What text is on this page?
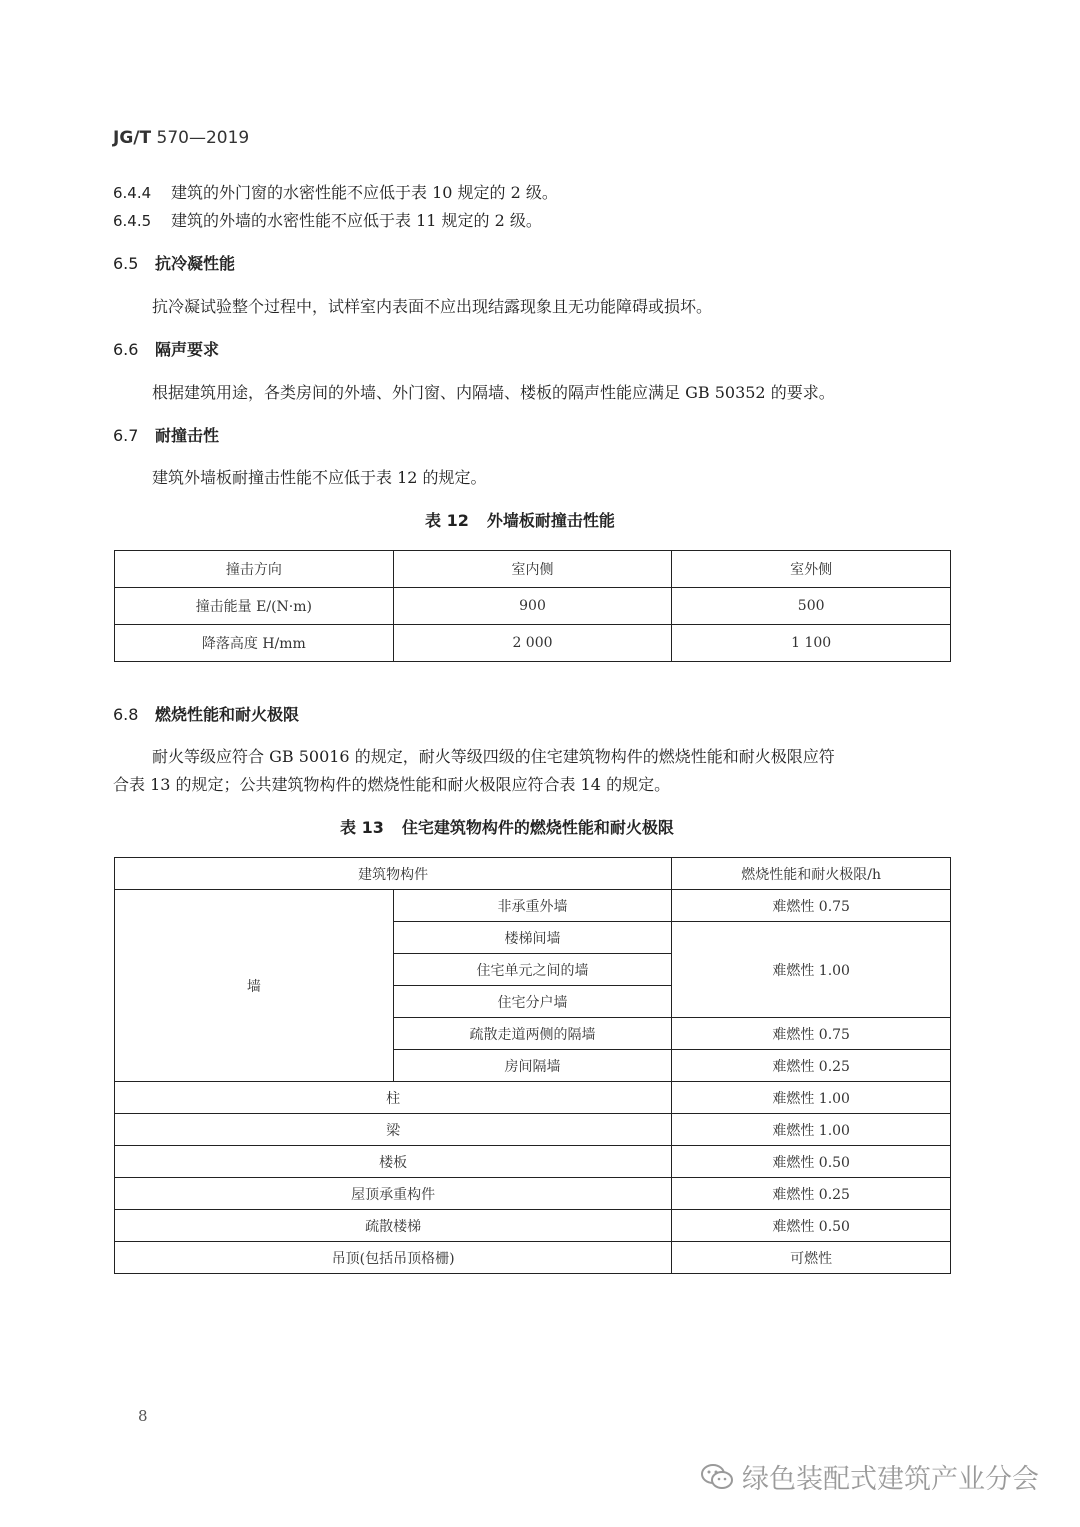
JG/T 570—2019
6.4.4 建筑的外门窗的水密性能不应低于表 10 规定的 2 级。
6.4.5 建筑的外墙的水密性能不应低于表 11 规定的 2 级。
6.5 抗冷凝性能
抗冷凝试验整个过程中，试样室内表面不应出现结露现象且无功能障碍或损坏。
6.6 隔声要求
根据建筑用途，各类房间的外墙、外门窗、内隔墙、楼板的隔声性能应满足 GB 50352 的要求。
6.7 耐撞击性
建筑外墙板耐撞击性能不应低于表 12 的规定。
表 12 外墙板耐撞击性能
撞击方向	室内侧	室外侧
撞击能量 E/(N·m)	900	500
降落高度 H/mm	2 000	1 100
6.8 燃烧性能和耐火极限
耐火等级应符合 GB 50016 的规定，耐火等级四级的住宅建筑物构件的燃烧性能和耐火极限应符
合表 13 的规定；公共建筑物构件的燃烧性能和耐火极限应符合表 14 的规定。
表 13 住宅建筑物构件的燃烧性能和耐火极限
建筑物构件		燃烧性能和耐火极限/h
墙	非承重外墙	难燃性 0.75
	楼梯间墙	难燃性 1.00
	住宅单元之间的墙	
	住宅分户墙	
	疏散走道两侧的隔墙	难燃性 0.75
	房间隔墙	难燃性 0.25
柱		难燃性 1.00
梁		难燃性 1.00
楼板		难燃性 0.50
屋顶承重构件		难燃性 0.25
疏散楼梯		难燃性 0.50
吊顶(包括吊顶格栅)		可燃性
8
绿色装配式建筑产业分会
